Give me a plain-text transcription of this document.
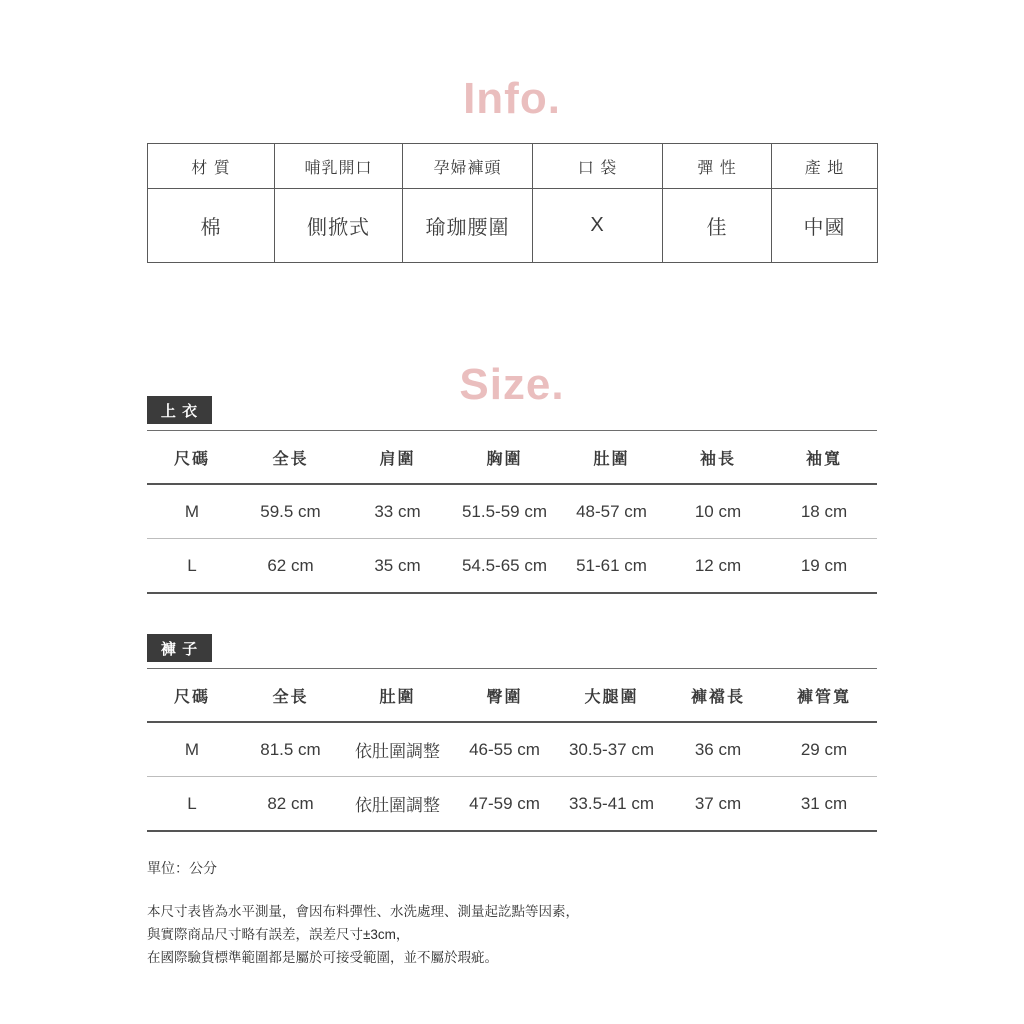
Info.
材 質	哺乳開口	孕婦褲頭	口 袋	彈 性	產 地
棉	側掀式	瑜珈腰圍	X	佳	中國
Size.
上 衣
尺碼	全長	肩圍	胸圍	肚圍	袖長	袖寬
M	59.5 cm	33 cm	51.5-59 cm	48-57 cm	10 cm	18 cm
L	62 cm	35 cm	54.5-65 cm	51-61 cm	12 cm	19 cm
褲 子
尺碼	全長	肚圍	臀圍	大腿圍	褲襠長	褲管寬
M	81.5 cm	依肚圍調整	46-55 cm	30.5-37 cm	36 cm	29 cm
L	82 cm	依肚圍調整	47-59 cm	33.5-41 cm	37 cm	31 cm
單位：公分
本尺寸表皆為水平測量，會因布料彈性、水洗處理、測量起訖點等因素，
與實際商品尺寸略有誤差，誤差尺寸±3cm，
在國際驗貨標準範圍都是屬於可接受範圍，並不屬於瑕疵。
